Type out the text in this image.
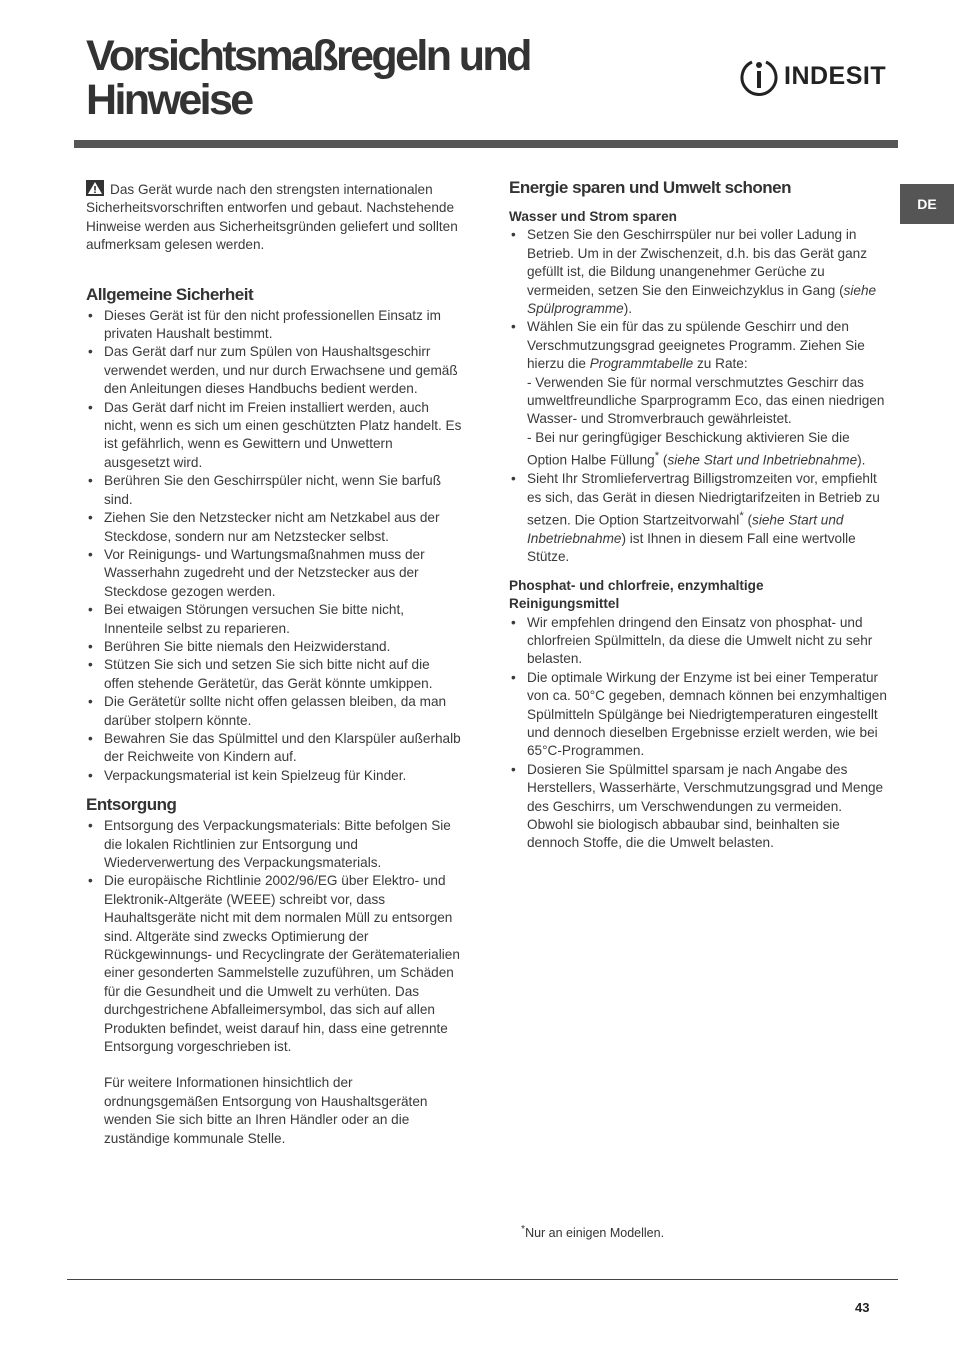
Vorsichtsmaßregeln und
Hinweise
INDESIT
DE

Das Gerät wurde nach den strengsten internationalen Sicherheitsvorschriften entworfen und gebaut. Nachstehende Hinweise werden aus Sicherheitsgründen geliefert und sollten aufmerksam gelesen werden.

Allgemeine Sicherheit
• Dieses Gerät ist für den nicht professionellen Einsatz im privaten Haushalt bestimmt.
• Das Gerät darf nur zum Spülen von Haushaltsgeschirr verwendet werden, und nur durch Erwachsene und gemäß den Anleitungen dieses Handbuchs bedient werden.
• Das Gerät darf nicht im Freien installiert werden, auch nicht, wenn es sich um einen geschützten Platz handelt. Es ist gefährlich, wenn es Gewittern und Unwettern ausgesetzt wird.
• Berühren Sie den Geschirrspüler nicht, wenn Sie barfuß sind.
• Ziehen Sie den Netzstecker nicht am Netzkabel aus der Steckdose, sondern nur am Netzstecker selbst.
• Vor Reinigungs- und Wartungsmaßnahmen muss der Wasserhahn zugedreht und der Netzstecker aus der Steckdose gezogen werden.
• Bei etwaigen Störungen versuchen Sie bitte nicht, Innenteile selbst zu reparieren.
• Berühren Sie bitte niemals den Heizwiderstand.
• Stützen Sie sich und setzen Sie sich bitte nicht auf die offen stehende Gerätetür, das Gerät könnte umkippen.
• Die Gerätetür sollte nicht offen gelassen bleiben, da man darüber stolpern könnte.
• Bewahren Sie das Spülmittel und den Klarspüler außerhalb der Reichweite von Kindern auf.
• Verpackungsmaterial ist kein Spielzeug für Kinder.
Entsorgung
• Entsorgung des Verpackungsmaterials: Bitte befolgen Sie die lokalen Richtlinien zur Entsorgung und Wiederverwertung des Verpackungsmaterials.
• Die europäische Richtlinie 2002/96/EG über Elektro- und Elektronik-Altgeräte (WEEE) schreibt vor, dass Hauhaltsgeräte nicht mit dem normalen Müll zu entsorgen sind. Altgeräte sind zwecks Optimierung der Rückgewinnungs- und Recyclingrate der Gerätematerialien einer gesonderten Sammelstelle zuzuführen, um Schäden für die Gesundheit und die Umwelt zu verhüten. Das durchgestrichene Abfalleimersymbol, das sich auf allen Produkten befindet, weist darauf hin, dass eine getrennte Entsorgung vorgeschrieben ist.

Für weitere Informationen hinsichtlich der ordnungsgemäßen Entsorgung von Haushaltsgeräten wenden Sie sich bitte an Ihren Händler oder an die zuständige kommunale Stelle.

Energie sparen und Umwelt schonen
Wasser und Strom sparen
• Setzen Sie den Geschirrspüler nur bei voller Ladung in Betrieb. Um in der Zwischenzeit, d.h. bis das Gerät ganz gefüllt ist, die Bildung unangenehmer Gerüche zu vermeiden, setzen Sie den Einweichzyklus in Gang (siehe Spülprogramme).
• Wählen Sie ein für das zu spülende Geschirr und den Verschmutzungsgrad geeignetes Programm. Ziehen Sie hierzu die Programmtabelle zu Rate:
- Verwenden Sie für normal verschmutztes Geschirr das umweltfreundliche Sparprogramm Eco, das einen niedrigen Wasser- und Stromverbrauch gewährleistet.
- Bei nur geringfügiger Beschickung aktivieren Sie die Option Halbe Füllung* (siehe Start und Inbetriebnahme).
• Sieht Ihr Stromliefervertrag Billigstromzeiten vor, empfiehlt es sich, das Gerät in diesen Niedrigtarifzeiten in Betrieb zu setzen. Die Option Startzeitvorwahl* (siehe Start und Inbetriebnahme) ist Ihnen in diesem Fall eine wertvolle Stütze.
Phosphat- und chlorfreie, enzymhaltige
Reinigungsmittel
• Wir empfehlen dringend den Einsatz von phosphat- und chlorfreien Spülmitteln, da diese die Umwelt nicht zu sehr belasten.
• Die optimale Wirkung der Enzyme ist bei einer Temperatur von ca. 50°C gegeben, demnach können bei enzymhaltigen Spülmitteln Spülgänge bei Niedrigtemperaturen eingestellt und dennoch dieselben Ergebnisse erzielt werden, wie bei 65°C-Programmen.
• Dosieren Sie Spülmittel sparsam je nach Angabe des Herstellers, Wasserhärte, Verschmutzungsgrad und Menge des Geschirrs, um Verschwendungen zu vermeiden. Obwohl sie biologisch abbaubar sind, beinhalten sie dennoch Stoffe, die die Umwelt belasten.
*Nur an einigen Modellen.
43
